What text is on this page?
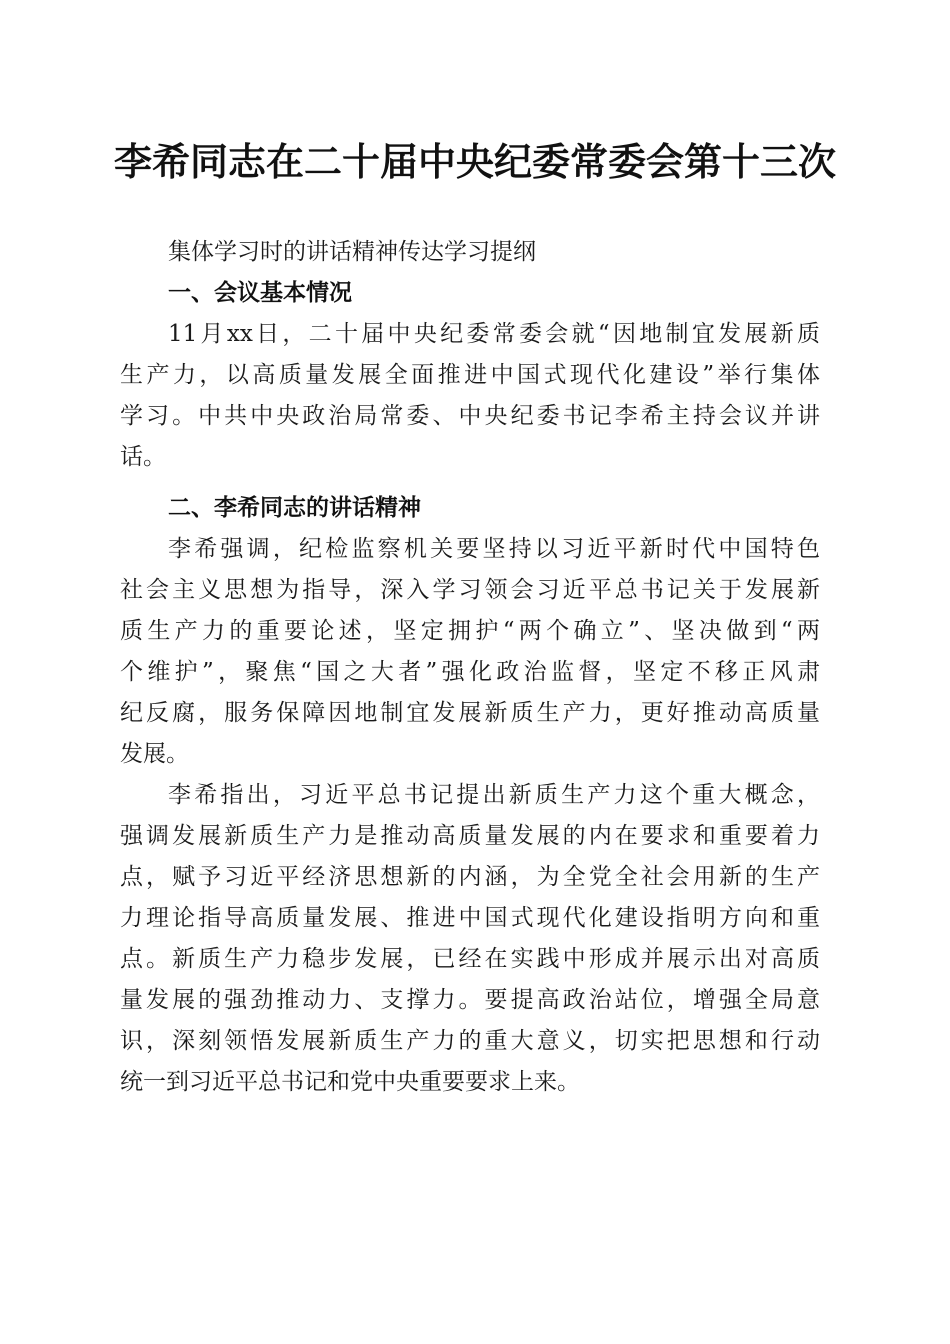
李希同志在二十届中央纪委常委会第十三次
集体学习时的讲话精神传达学习提纲
一、会议基本情况
11月xx日，二十届中央纪委常委会就“因地制宜发展新质
生产力，以高质量发展全面推进中国式现代化建设”举行集体
学习。中共中央政治局常委、中央纪委书记李希主持会议并讲
话。
二、李希同志的讲话精神
李希强调，纪检监察机关要坚持以习近平新时代中国特色
社会主义思想为指导，深入学习领会习近平总书记关于发展新
质生产力的重要论述，坚定拥护“两个确立”、坚决做到“两
个维护”，聚焦“国之大者”强化政治监督，坚定不移正风肃
纪反腐，服务保障因地制宜发展新质生产力，更好推动高质量
发展。
李希指出，习近平总书记提出新质生产力这个重大概念，
强调发展新质生产力是推动高质量发展的内在要求和重要着力
点，赋予习近平经济思想新的内涵，为全党全社会用新的生产
力理论指导高质量发展、推进中国式现代化建设指明方向和重
点。新质生产力稳步发展，已经在实践中形成并展示出对高质
量发展的强劲推动力、支撑力。要提高政治站位，增强全局意
识，深刻领悟发展新质生产力的重大意义，切实把思想和行动
统一到习近平总书记和党中央重要要求上来。
